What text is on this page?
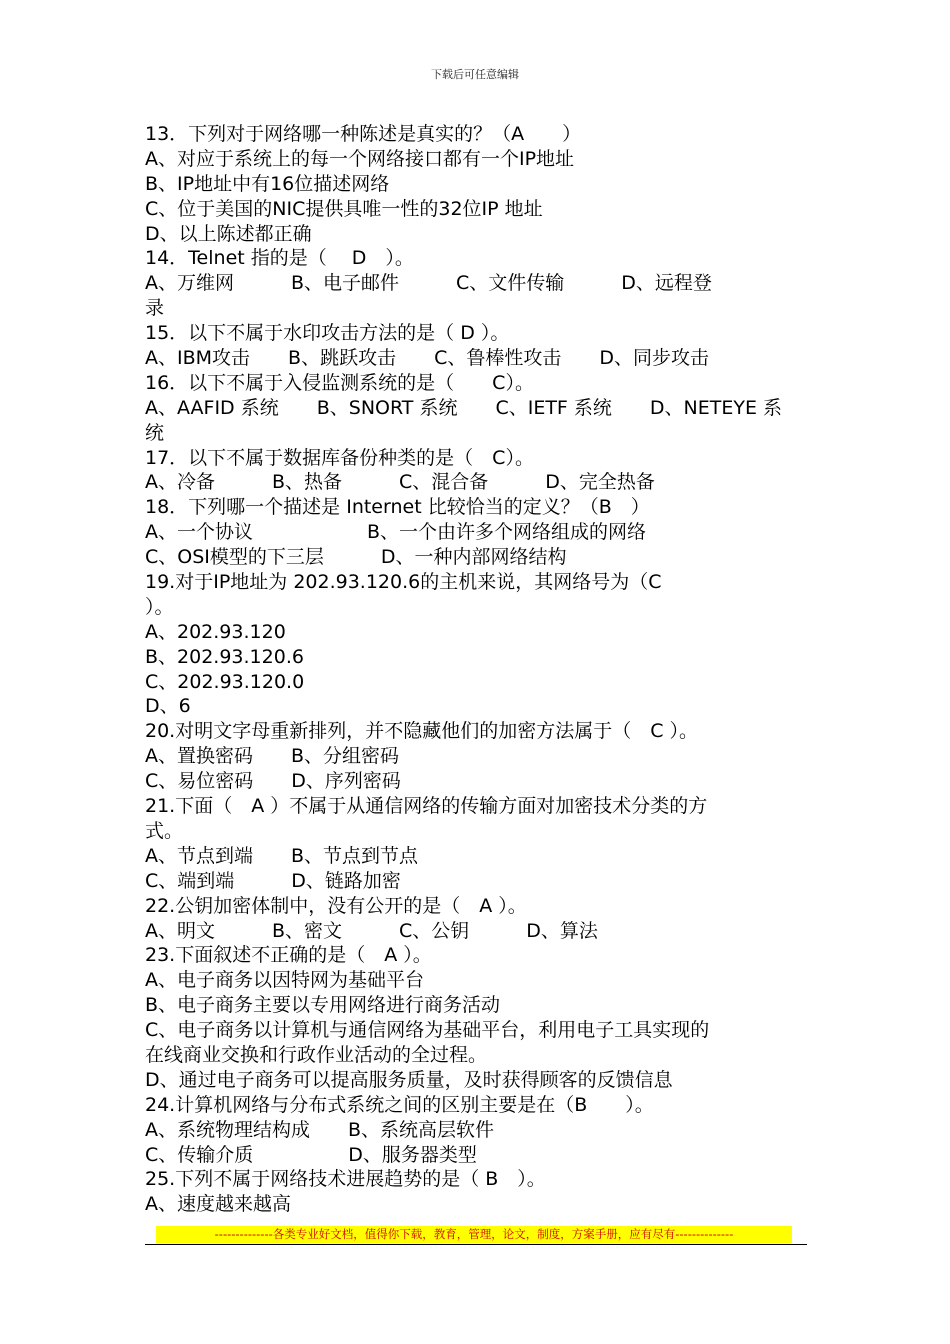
下载后可任意编辑
13．下列对于网络哪一种陈述是真实的？（A　　）
A、对应于系统上的每一个网络接口都有一个IP地址
B、IP地址中有16位描述网络
C、位于美国的NIC提供具唯一性的32位IP 地址
D、以上陈述都正确
14．Telnet 指的是（　 D　）。
A、万维网　　　B、电子邮件　　　C、文件传输　　　D、远程登
录
15．以下不属于水印攻击方法的是（ D ）。
A、IBM攻击　　B、跳跃攻击　　C、鲁棒性攻击　　D、同步攻击
16．以下不属于入侵监测系统的是（　　C）。
A、AAFID 系统　　B、SNORT 系统　　C、IETF 系统　　D、NETEYE 系
统
17．以下不属于数据库备份种类的是（　C）。
A、冷备　　　B、热备　　　C、混合备　　　D、完全热备
18．下列哪一个描述是 Internet 比较恰当的定义？（B　）
A、一个协议　　　　　　B、一个由许多个网络组成的网络
C、OSI模型的下三层　　　D、一种内部网络结构
19.对于IP地址为 202.93.120.6的主机来说，其网络号为（C
）。
A、202.93.120
B、202.93.120.6
C、202.93.120.0
D、6
20.对明文字母重新排列，并不隐藏他们的加密方法属于（　C ）。
A、置换密码　　B、分组密码
C、易位密码　　D、序列密码
21.下面（　A ）不属于从通信网络的传输方面对加密技术分类的方
式。
A、节点到端　　B、节点到节点
C、端到端　　　D、链路加密
22.公钥加密体制中，没有公开的是（　A ）。
A、明文　　　B、密文　　　C、公钥　　　D、算法
23.下面叙述不正确的是（　A ）。
A、电子商务以因特网为基础平台
B、电子商务主要以专用网络进行商务活动
C、电子商务以计算机与通信网络为基础平台，利用电子工具实现的
在线商业交换和行政作业活动的全过程。
D、通过电子商务可以提高服务质量，及时获得顾客的反馈信息
24.计算机网络与分布式系统之间的区别主要是在（B　　）。
A、系统物理结构成　　B、系统高层软件
C、传输介质　　　　　D、服务器类型
25.下列不属于网络技术进展趋势的是（ B　）。
A、速度越来越高
--------------各类专业好文档，值得你下载，教育，管理，论文，制度，方案手册，应有尽有--------------
